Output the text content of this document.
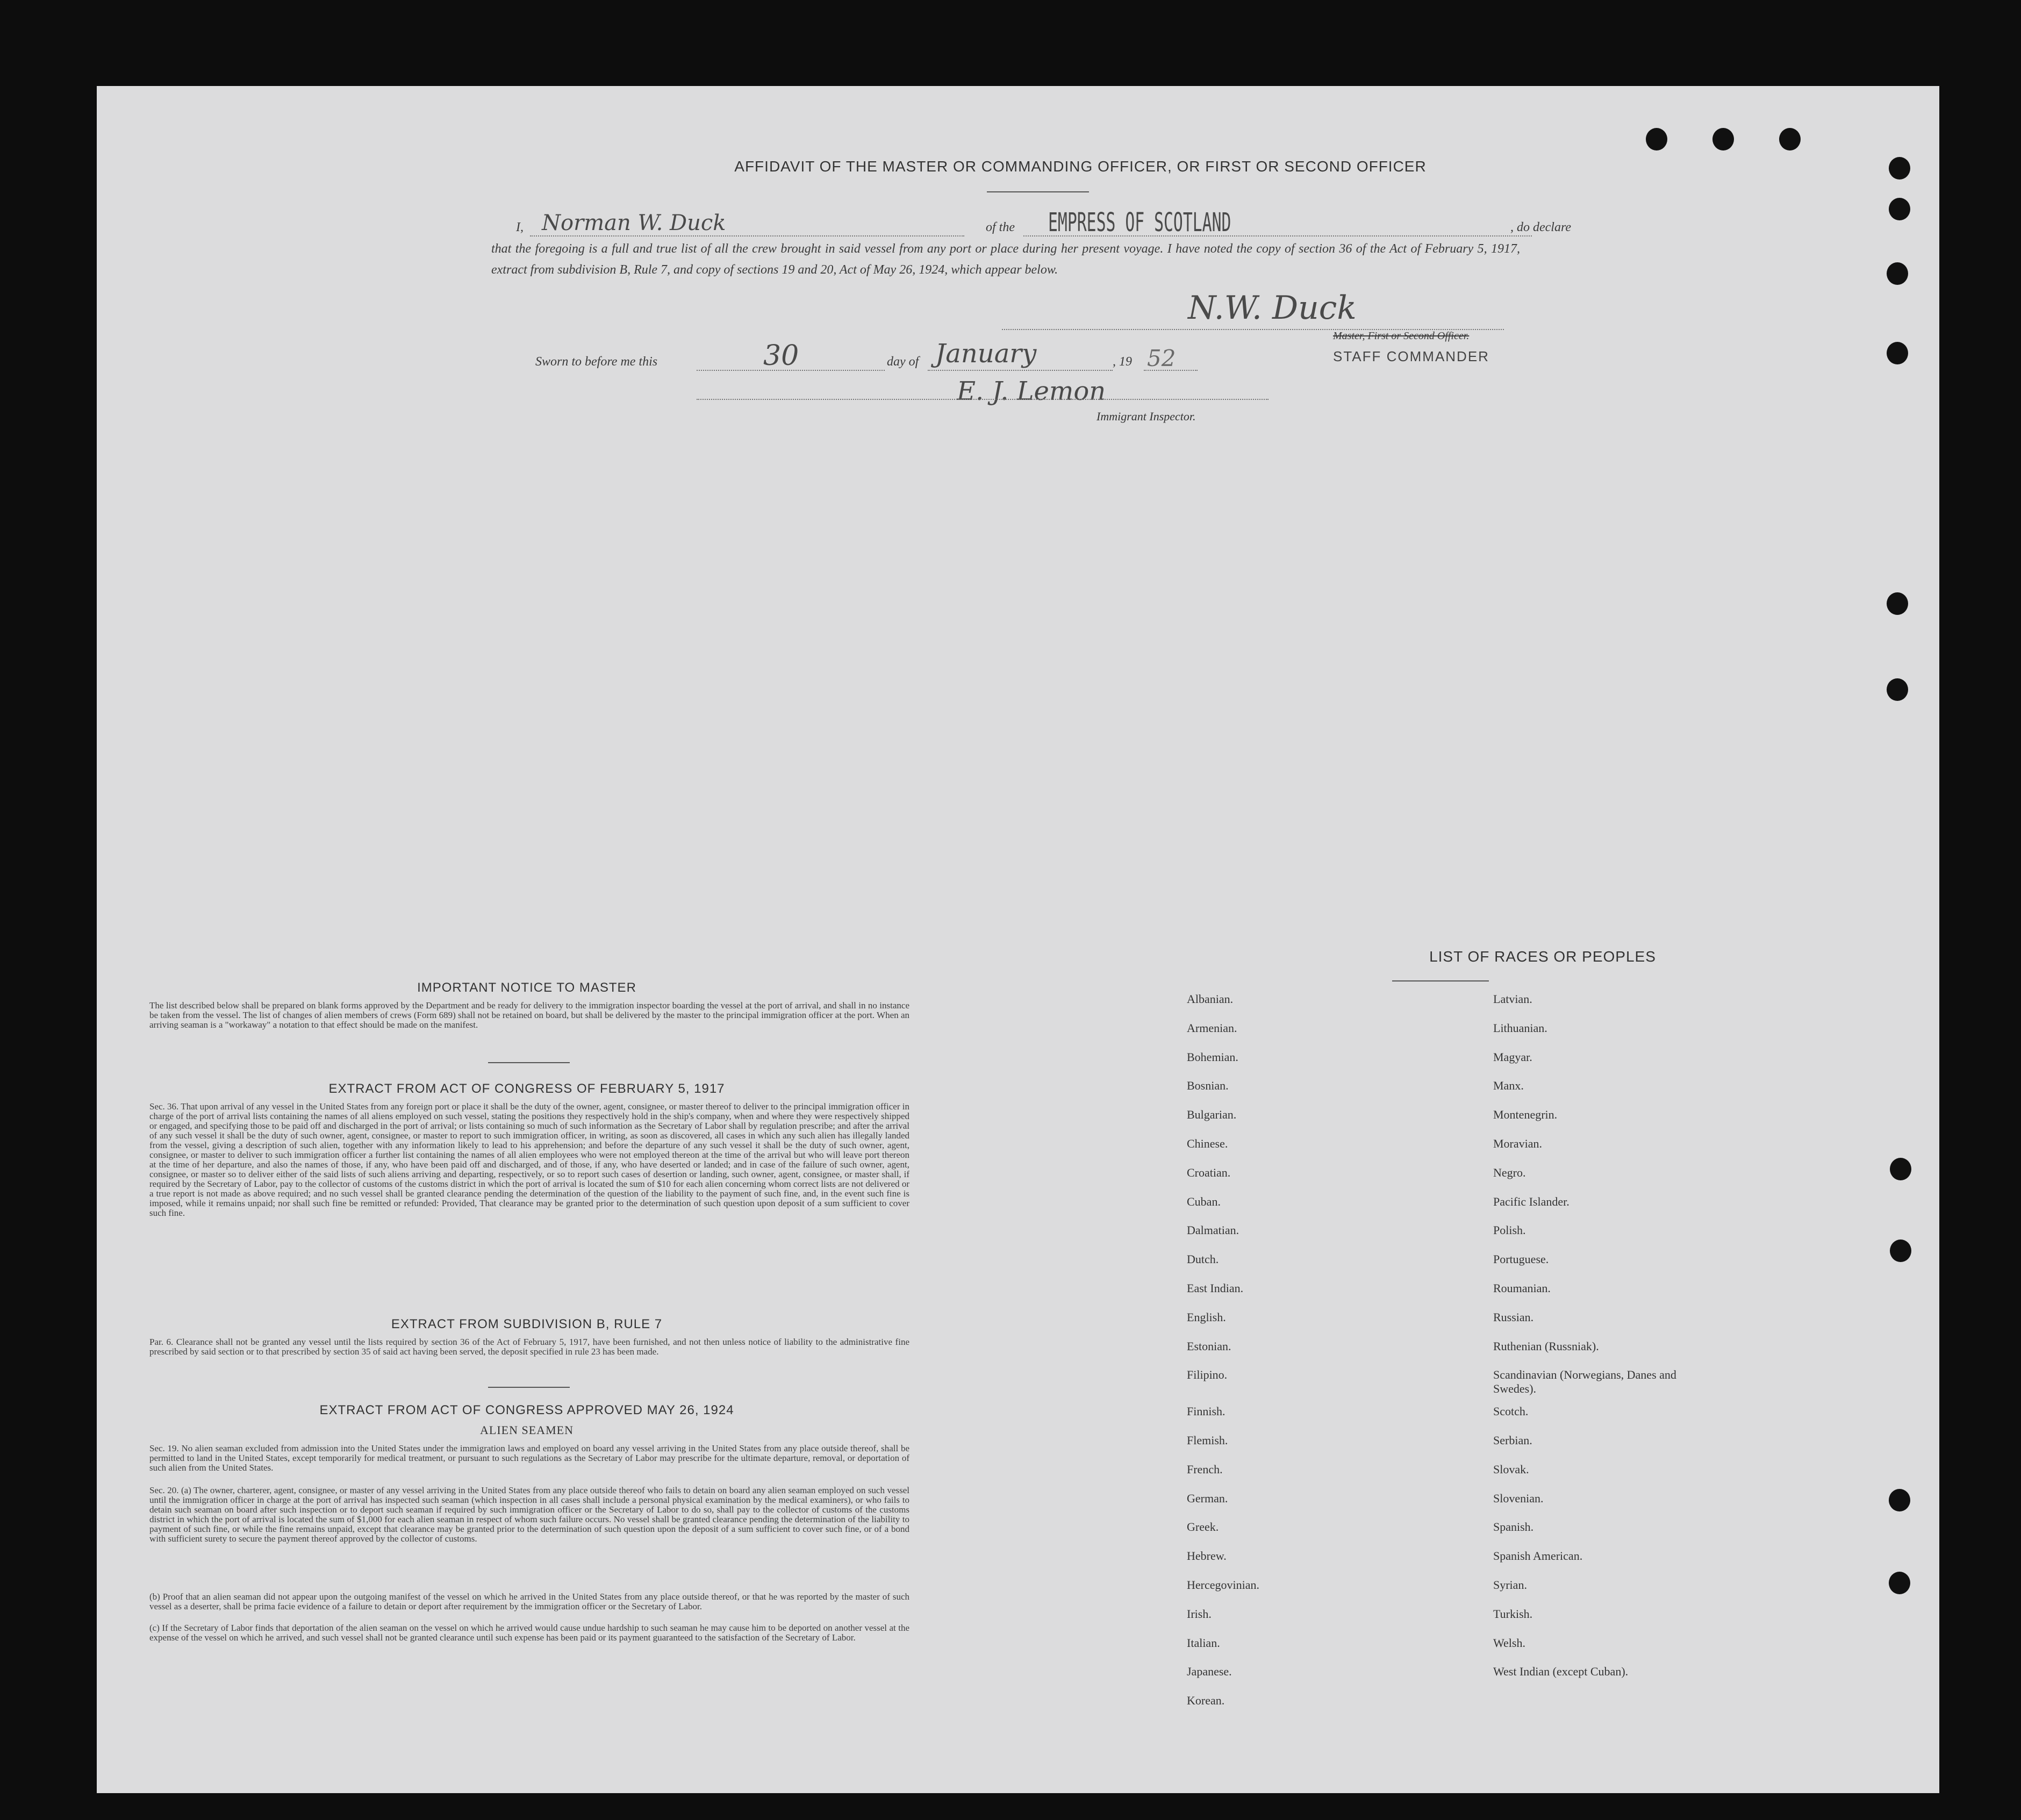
AFFIDAVIT OF THE MASTER OR COMMANDING OFFICER, OR FIRST OR SECOND OFFICER
I, Norman W. Duck	of the EMPRESS OF SCOTLAND	, do declare
that the foregoing is a full and true list of all the crew brought in said vessel from any port or place during her present voyage. I have noted the copy of section 36 of the Act of February 5, 1917, extract from subdivision B, Rule 7, and copy of sections 19 and 20, Act of May 26, 1924, which appear below.
N.W. Duck
Master, First or Second Officer.
STAFF COMMANDER
Sworn to before me this	30	day of January	, 19 52
E. J. Lemon
Immigrant Inspector.
IMPORTANT NOTICE TO MASTER
The list described below shall be prepared on blank forms approved by the Department and be ready for delivery to the immigration inspector boarding the vessel at the port of arrival, and shall in no instance be taken from the vessel. The list of changes of alien members of crews (Form 689) shall not be retained on board, but shall be delivered by the master to the principal immigration officer at the port. When an arriving seaman is a "workaway" a notation to that effect should be made on the manifest.
EXTRACT FROM ACT OF CONGRESS OF FEBRUARY 5, 1917
Sec. 36. That upon arrival of any vessel in the United States from any foreign port or place it shall be the duty of the owner, agent, consignee, or master thereof to deliver to the principal immigration officer in charge of the port of arrival lists containing the names of all aliens employed on such vessel, stating the positions they respectively hold in the ship's company, when and where they were respectively shipped or engaged, and specifying those to be paid off and discharged in the port of arrival; or lists containing so much of such information as the Secretary of Labor shall by regulation prescribe; and after the arrival of any such vessel it shall be the duty of such owner, agent, consignee, or master to report to such immigration officer, in writing, as soon as discovered, all cases in which any such alien has illegally landed from the vessel, giving a description of such alien, together with any information likely to lead to his apprehension; and before the departure of any such vessel it shall be the duty of such owner, agent, consignee, or master to deliver to such immigration officer a further list containing the names of all alien employees who were not employed thereon at the time of the arrival but who will leave port thereon at the time of her departure, and also the names of those, if any, who have been paid off and discharged, and of those, if any, who have deserted or landed; and in case of the failure of such owner, agent, consignee, or master so to deliver either of the said lists of such aliens arriving and departing, respectively, or so to report such cases of desertion or landing, such owner, agent, consignee, or master shall, if required by the Secretary of Labor, pay to the collector of customs of the customs district in which the port of arrival is located the sum of $10 for each alien concerning whom correct lists are not delivered or a true report is not made as above required; and no such vessel shall be granted clearance pending the determination of the question of the liability to the payment of such fine, and, in the event such fine is imposed, while it remains unpaid; nor shall such fine be remitted or refunded: Provided, That clearance may be granted prior to the determination of such question upon deposit of a sum sufficient to cover such fine.
EXTRACT FROM SUBDIVISION B, RULE 7
Par. 6. Clearance shall not be granted any vessel until the lists required by section 36 of the Act of February 5, 1917, have been furnished, and not then unless notice of liability to the administrative fine prescribed by said section or to that prescribed by section 35 of said act having been served, the deposit specified in rule 23 has been made.
EXTRACT FROM ACT OF CONGRESS APPROVED MAY 26, 1924
ALIEN SEAMEN
Sec. 19. No alien seaman excluded from admission into the United States under the immigration laws and employed on board any vessel arriving in the United States from any place outside thereof, shall be permitted to land in the United States, except temporarily for medical treatment, or pursuant to such regulations as the Secretary of Labor may prescribe for the ultimate departure, removal, or deportation of such alien from the United States.
Sec. 20. (a) The owner, charterer, agent, consignee, or master of any vessel arriving in the United States from any place outside thereof who fails to detain on board any alien seaman employed on such vessel until the immigration officer in charge at the port of arrival has inspected such seaman (which inspection in all cases shall include a personal physical examination by the medical examiners), or who fails to detain such seaman on board after such inspection or to deport such seaman if required by such immigration officer or the Secretary of Labor to do so, shall pay to the collector of customs of the customs district in which the port of arrival is located the sum of $1,000 for each alien seaman in respect of whom such failure occurs. No vessel shall be granted clearance pending the determination of the liability to payment of such fine, or while the fine remains unpaid, except that clearance may be granted prior to the determination of such question upon the deposit of a sum sufficient to cover such fine, or of a bond with sufficient surety to secure the payment thereof approved by the collector of customs.
(b) Proof that an alien seaman did not appear upon the outgoing manifest of the vessel on which he arrived in the United States from any place outside thereof, or that he was reported by the master of such vessel as a deserter, shall be prima facie evidence of a failure to detain or deport after requirement by the immigration officer or the Secretary of Labor.
(c) If the Secretary of Labor finds that deportation of the alien seaman on the vessel on which he arrived would cause undue hardship to such seaman he may cause him to be deported on another vessel at the expense of the vessel on which he arrived, and such vessel shall not be granted clearance until such expense has been paid or its payment guaranteed to the satisfaction of the Secretary of Labor.
LIST OF RACES OR PEOPLES
Albanian.
Armenian.
Bohemian.
Bosnian.
Bulgarian.
Chinese.
Croatian.
Cuban.
Dalmatian.
Dutch.
East Indian.
English.
Estonian.
Filipino.
Finnish.
Flemish.
French.
German.
Greek.
Hebrew.
Hercegovinian.
Irish.
Italian.
Japanese.
Korean.
Latvian.
Lithuanian.
Magyar.
Manx.
Montenegrin.
Moravian.
Negro.
Pacific Islander.
Polish.
Portuguese.
Roumanian.
Russian.
Ruthenian (Russniak).
Scandinavian (Norwegians, Danes and Swedes).
Scotch.
Serbian.
Slovak.
Slovenian.
Spanish.
Spanish American.
Syrian.
Turkish.
Welsh.
West Indian (except Cuban).
